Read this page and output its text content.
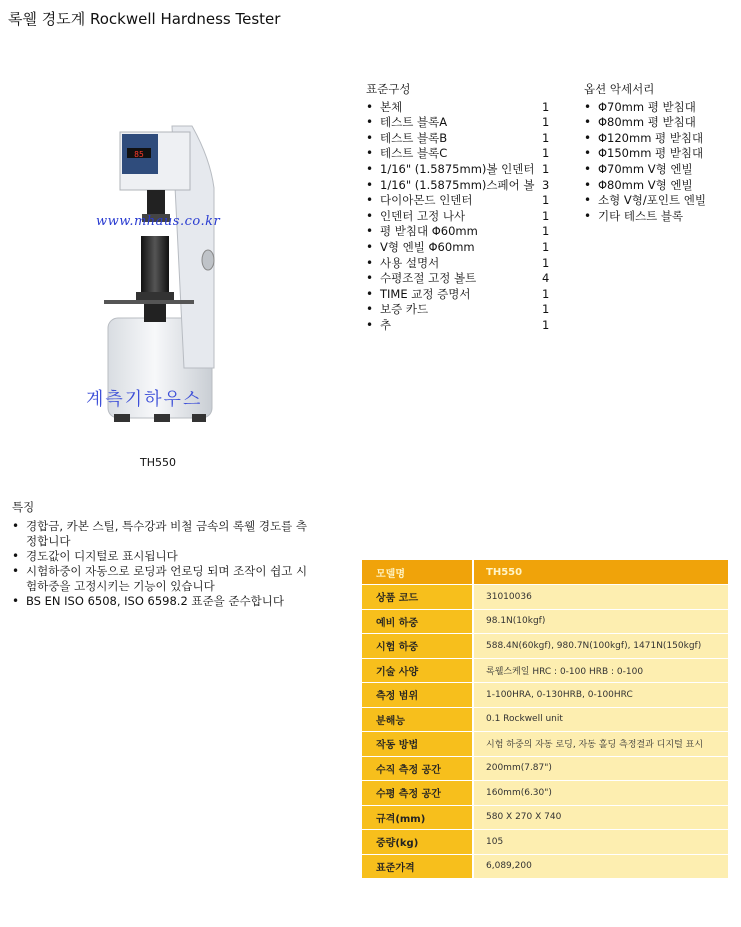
록웰 경도계 Rockwell Hardness Tester
85
www.mhaus.co.kr
계측기하우스
TH550
표준구성
• 본체	1
• 테스트 블록A	1
• 테스트 블록B	1
• 테스트 블록C	1
• 1/16" (1.5875mm)볼 인덴터 1
• 1/16" (1.5875mm)스페어 볼 3
• 다이아몬드 인덴터	1
• 인덴터 고정 나사	1
• 평 받침대 Φ60mm	1
• V형 엔빌 Φ60mm	1
• 사용 설명서	1
• 수평조절 고정 볼트	4
• TIME 교정 증명서	1
• 보증 카드	1
• 추	1
옵션 악세서리
• Φ70mm 평 받침대
• Φ80mm 평 받침대
• Φ120mm 평 받침대
• Φ150mm 평 받침대
• Φ70mm V형 엔빌
• Φ80mm V형 엔빌
• 소형 V형/포인트 엔빌
• 기타 테스트 블록
특징
• 경합금, 카본 스틸, 특수강과 비철 금속의 록웰 경도를 측정합니다
• 경도값이 디지털로 표시됩니다
• 시험하중이 자동으로 로딩과 언로딩 되며 조작이 쉽고 시험하중을 고정시키는 기능이 있습니다
• BS EN ISO 6508, ISO 6598.2 표준을 준수합니다
모델명	TH550
상품 코드	31010036
예비 하중	98.1N(10kgf)
시험 하중	588.4N(60kgf), 980.7N(100kgf), 1471N(150kgf)
기술 사양	록웰스케일 HRC : 0-100 HRB : 0-100
측정 범위	1-100HRA, 0-130HRB, 0-100HRC
분해능	0.1 Rockwell unit
작동 방법	시험 하중의 자동 로딩, 자동 홀딩 측정결과 디지털 표시
수직 측정 공간	200mm(7.87")
수평 측정 공간	160mm(6.30")
규격(mm)	580 X 270 X 740
중량(kg)	105
표준가격	6,089,200
